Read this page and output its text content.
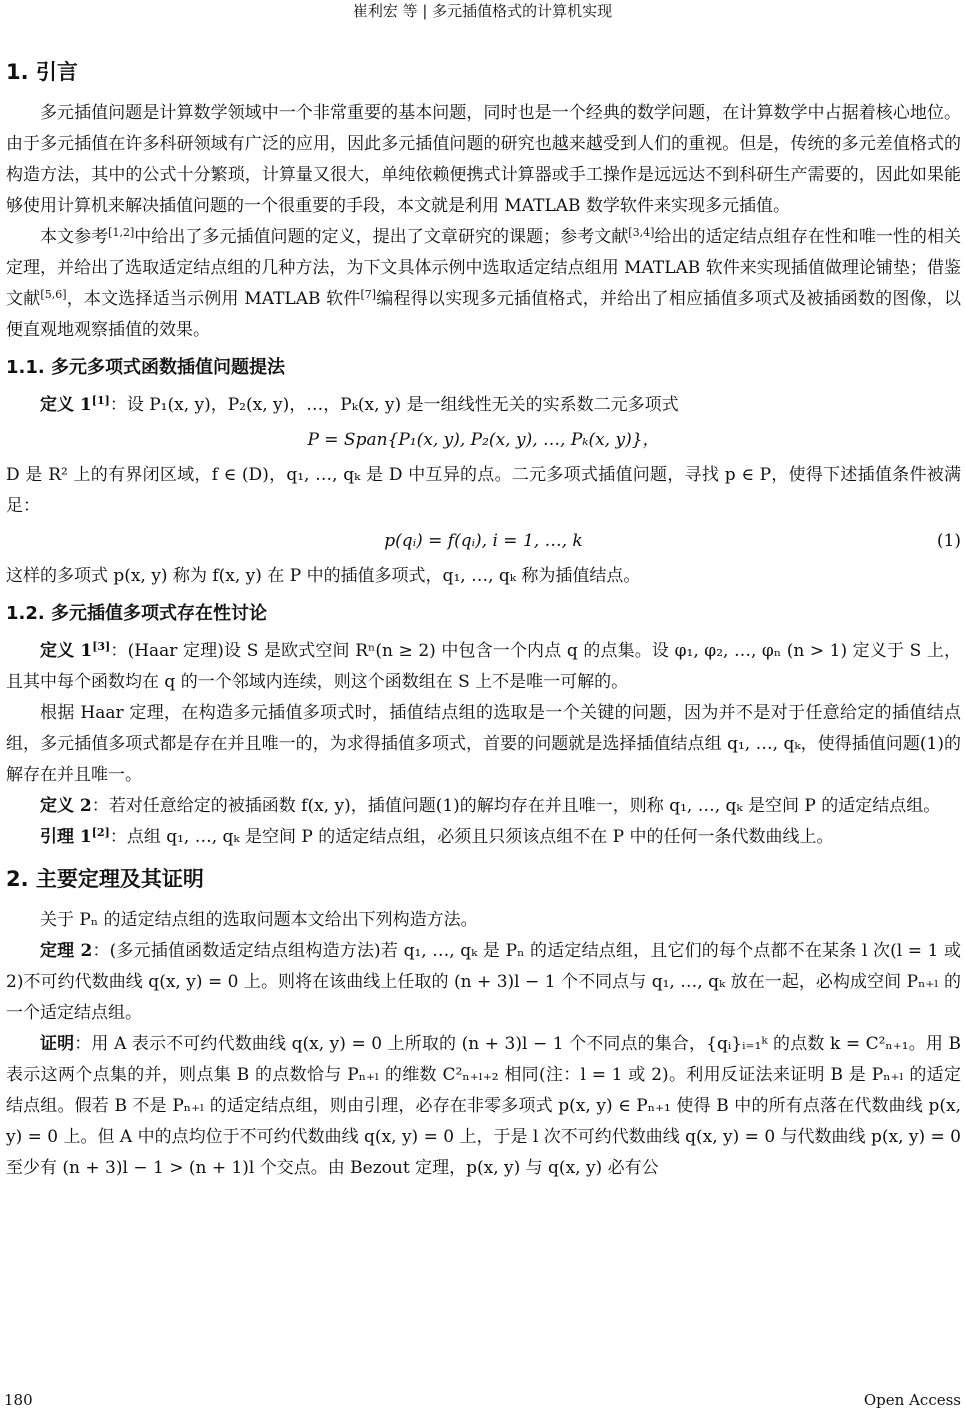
崔利宏 等 | 多元插值格式的计算机实现
1. 引言

多元插值问题是计算数学领域中一个非常重要的基本问题，同时也是一个经典的数学问题，在计算数学中占据着核心地位。由于多元插值在许多科研领域有广泛的应用，因此多元插值问题的研究也越来越受到人们的重视。但是，传统的多元差值格式的构造方法，其中的公式十分繁琐，计算量又很大，单纯依赖便携式计算器或手工操作是远远达不到科研生产需要的，因此如果能够使用计算机来解决插值问题的一个很重要的手段，本文就是利用 MATLAB 数学软件来实现多元插值。

本文参考[1,2]中给出了多元插值问题的定义，提出了文章研究的课题；参考文献[3,4]给出的适定结点组存在性和唯一性的相关定理，并给出了选取适定结点组的几种方法，为下文具体示例中选取适定结点组用 MATLAB 软件来实现插值做理论铺垫；借鉴文献[5,6]，本文选择适当示例用 MATLAB 软件[7]编程得以实现多元插值格式，并给出了相应插值多项式及被插函数的图像，以便直观地观察插值的效果。

1.1. 多元多项式函数插值问题提法

定义 1[1]：设 P₁(x, y)，P₂(x, y)，…，Pₖ(x, y) 是一组线性无关的实系数二元多项式

P = Span{P₁(x, y), P₂(x, y), …, Pₖ(x, y)}，

D 是 R² 上的有界闭区域，f ∈ (D)，q₁, …, qₖ 是 D 中互异的点。二元多项式插值问题，寻找 p ∈ P，使得下述插值条件被满足：

p(qᵢ) = f(qᵢ), i = 1, …, k	(1)

这样的多项式 p(x, y) 称为 f(x, y) 在 P 中的插值多项式，q₁, …, qₖ 称为插值结点。

1.2. 多元插值多项式存在性讨论

定义 1[3]：(Haar 定理)设 S 是欧式空间 Rⁿ(n ≥ 2) 中包含一个内点 q 的点集。设 φ₁, φ₂, …, φₙ (n > 1) 定义于 S 上，且其中每个函数均在 q 的一个邻域内连续，则这个函数组在 S 上不是唯一可解的。

根据 Haar 定理，在构造多元插值多项式时，插值结点组的选取是一个关键的问题，因为并不是对于任意给定的插值结点组，多元插值多项式都是存在并且唯一的，为求得插值多项式，首要的问题就是选择插值结点组 q₁, …, qₖ，使得插值问题(1)的解存在并且唯一。

定义 2：若对任意给定的被插函数 f(x, y)，插值问题(1)的解均存在并且唯一，则称 q₁, …, qₖ 是空间 P 的适定结点组。

引理 1[2]：点组 q₁, …, qₖ 是空间 P 的适定结点组，必须且只须该点组不在 P 中的任何一条代数曲线上。

2. 主要定理及其证明

关于 Pₙ 的适定结点组的选取问题本文给出下列构造方法。

定理 2：(多元插值函数适定结点组构造方法)若 q₁, …, qₖ 是 Pₙ 的适定结点组，且它们的每个点都不在某条 l 次(l = 1 或 2)不可约代数曲线 q(x, y) = 0 上。则将在该曲线上任取的 (n + 3)l − 1 个不同点与 q₁, …, qₖ 放在一起，必构成空间 Pₙ₊ₗ 的一个适定结点组。

证明：用 A 表示不可约代数曲线 q(x, y) = 0 上所取的 (n + 3)l − 1 个不同点的集合，{qᵢ}ᵢ₌₁ᵏ 的点数 k = C²ₙ₊₁。用 B 表示这两个点集的并，则点集 B 的点数恰与 Pₙ₊ₗ 的维数 C²ₙ₊ₗ₊₂ 相同(注：l = 1 或 2)。利用反证法来证明 B 是 Pₙ₊ₗ 的适定结点组。假若 B 不是 Pₙ₊ₗ 的适定结点组，则由引理，必存在非零多项式 p(x, y) ∈ Pₙ₊₁ 使得 B 中的所有点落在代数曲线 p(x, y) = 0 上。但 A 中的点均位于不可约代数曲线 q(x, y) = 0 上，于是 l 次不可约代数曲线 q(x, y) = 0 与代数曲线 p(x, y) = 0 至少有 (n + 3)l − 1 > (n + 1)l 个交点。由 Bezout 定理，p(x, y) 与 q(x, y) 必有公

180	Open Access
